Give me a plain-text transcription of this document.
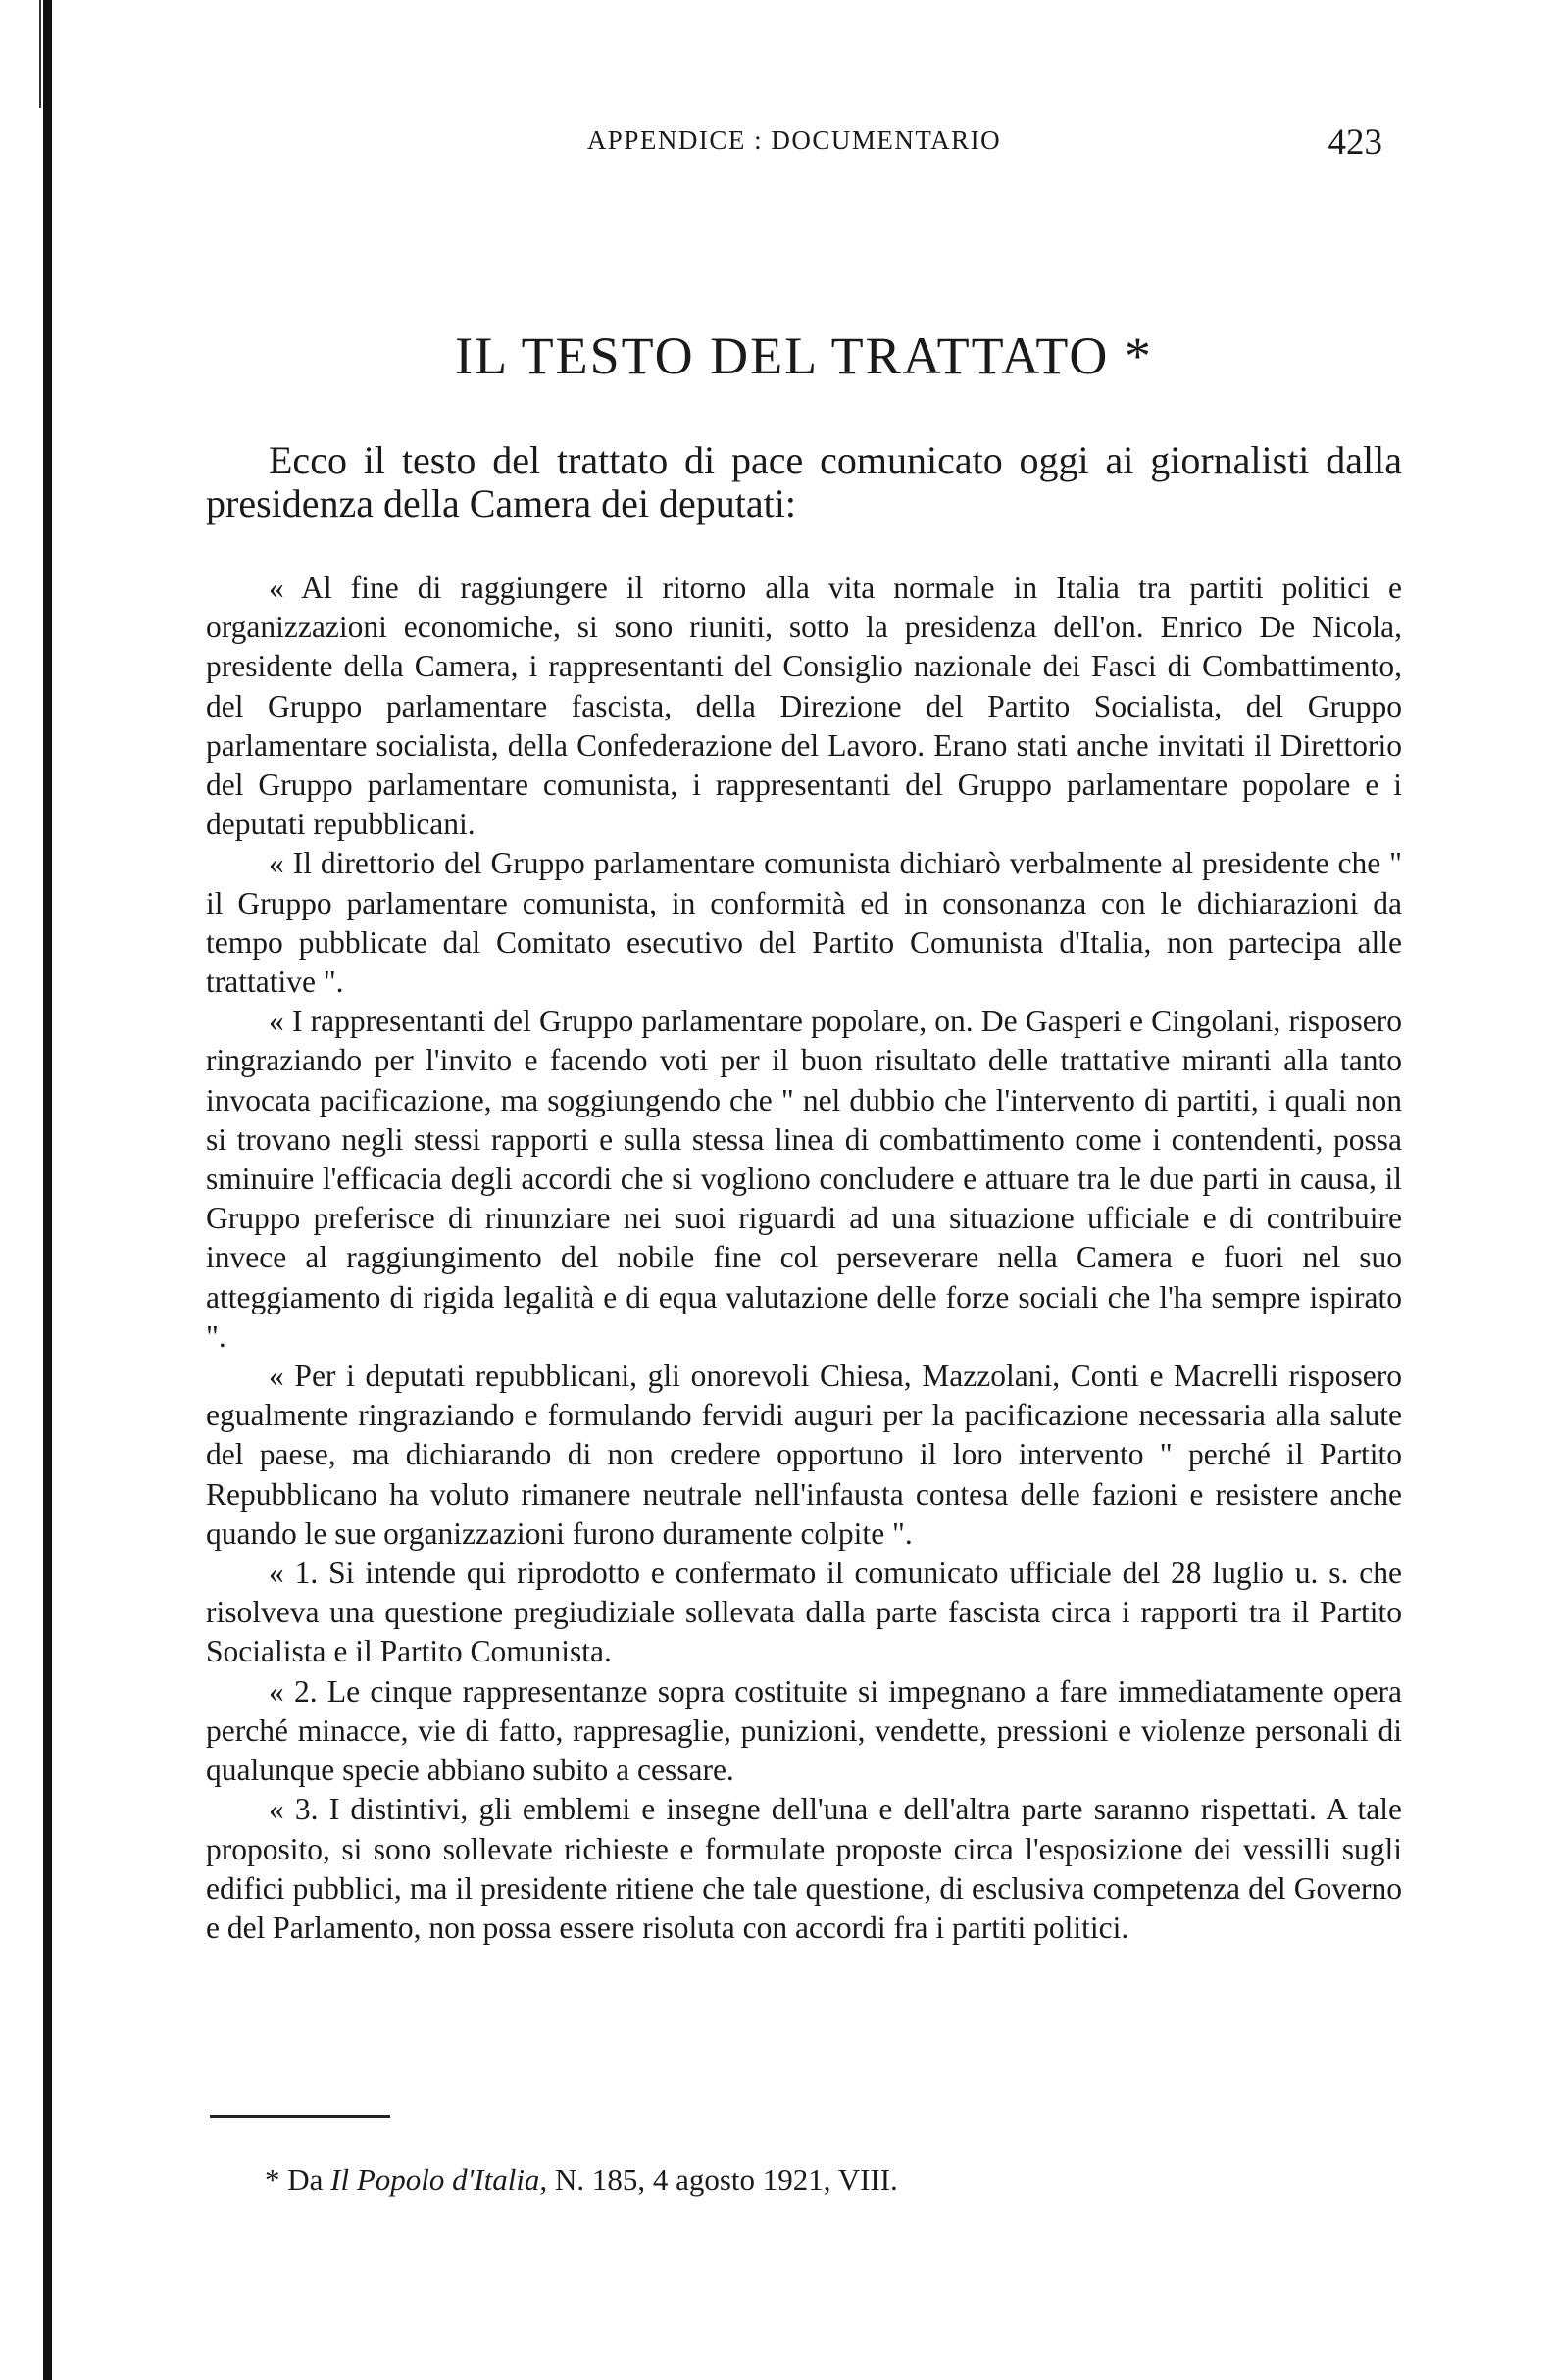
APPENDICE : DOCUMENTARIO	423
IL TESTO DEL TRATTATO *

Ecco il testo del trattato di pace comunicato oggi ai giornalisti dalla presidenza della Camera dei deputati:

« Al fine di raggiungere il ritorno alla vita normale in Italia tra partiti politici e organizzazioni economiche, si sono riuniti, sotto la presidenza dell'on. Enrico De Nicola, presidente della Camera, i rappresentanti del Consiglio nazionale dei Fasci di Combattimento, del Gruppo parlamentare fascista, della Direzione del Partito Socialista, del Gruppo parlamentare socialista, della Confederazione del Lavoro. Erano stati anche invitati il Direttorio del Gruppo parlamentare comunista, i rappresentanti del Gruppo parlamentare popolare e i deputati repubblicani.

« Il direttorio del Gruppo parlamentare comunista dichiarò verbalmente al presidente che " il Gruppo parlamentare comunista, in conformità ed in consonanza con le dichiarazioni da tempo pubblicate dal Comitato esecutivo del Partito Comunista d'Italia, non partecipa alle trattative ".

« I rappresentanti del Gruppo parlamentare popolare, on. De Gasperi e Cingolani, risposero ringraziando per l'invito e facendo voti per il buon risultato delle trattative miranti alla tanto invocata pacificazione, ma soggiungendo che " nel dubbio che l'intervento di partiti, i quali non si trovano negli stessi rapporti e sulla stessa linea di combattimento come i contendenti, possa sminuire l'efficacia degli accordi che si vogliono concludere e attuare tra le due parti in causa, il Gruppo preferisce di rinunziare nei suoi riguardi ad una situazione ufficiale e di contribuire invece al raggiungimento del nobile fine col perseverare nella Camera e fuori nel suo atteggiamento di rigida legalità e di equa valutazione delle forze sociali che l'ha sempre ispirato ".

« Per i deputati repubblicani, gli onorevoli Chiesa, Mazzolani, Conti e Macrelli risposero egualmente ringraziando e formulando fervidi auguri per la pacificazione necessaria alla salute del paese, ma dichiarando di non credere opportuno il loro intervento " perché il Partito Repubblicano ha voluto rimanere neutrale nell'infausta contesa delle fazioni e resistere anche quando le sue organizzazioni furono duramente colpite ".

« 1. Si intende qui riprodotto e confermato il comunicato ufficiale del 28 luglio u. s. che risolveva una questione pregiudiziale sollevata dalla parte fascista circa i rapporti tra il Partito Socialista e il Partito Comunista.

« 2. Le cinque rappresentanze sopra costituite si impegnano a fare immediatamente opera perché minacce, vie di fatto, rappresaglie, punizioni, vendette, pressioni e violenze personali di qualunque specie abbiano subito a cessare.

« 3. I distintivi, gli emblemi e insegne dell'una e dell'altra parte saranno rispettati. A tale proposito, si sono sollevate richieste e formulate proposte circa l'esposizione dei vessilli sugli edifici pubblici, ma il presidente ritiene che tale questione, di esclusiva competenza del Governo e del Parlamento, non possa essere risoluta con accordi fra i partiti politici.

* Da Il Popolo d'Italia, N. 185, 4 agosto 1921, VIII.
